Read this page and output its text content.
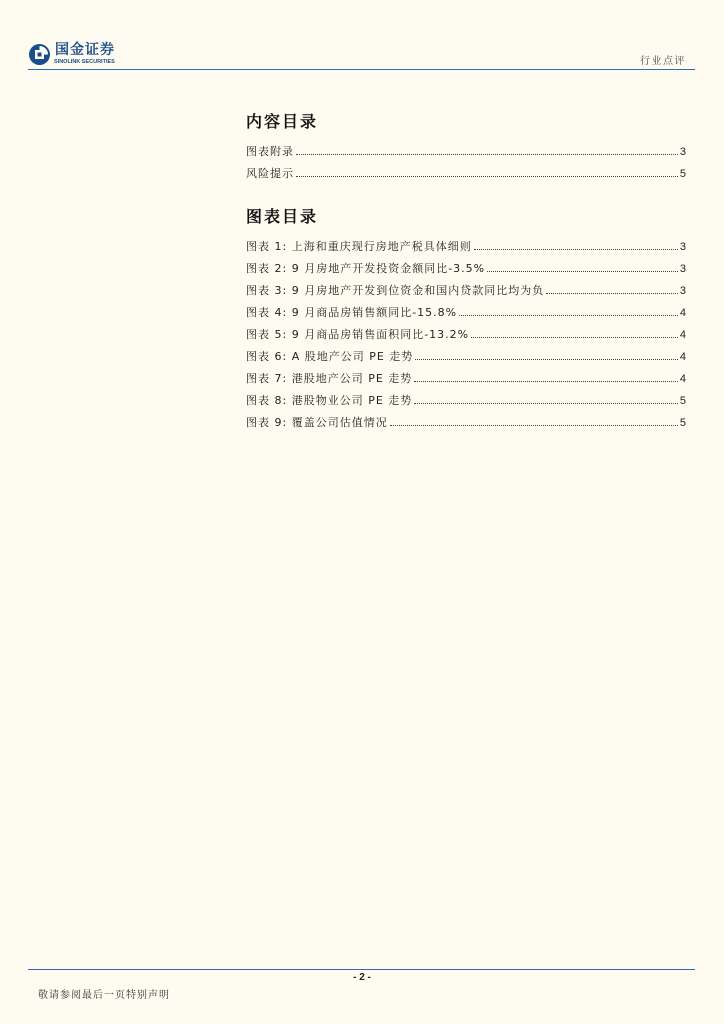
国金证券
SINOLINK SECURITIES	行业点评
内容目录
图表附录	3
风险提示	5
图表目录
图表 1: 上海和重庆现行房地产税具体细则	3
图表 2: 9 月房地产开发投资金额同比-3.5%	3
图表 3: 9 月房地产开发到位资金和国内贷款同比均为负	3
图表 4: 9 月商品房销售额同比-15.8%	4
图表 5: 9 月商品房销售面积同比-13.2%	4
图表 6: A 股地产公司 PE 走势	4
图表 7: 港股地产公司 PE 走势	4
图表 8: 港股物业公司 PE 走势	5
图表 9: 覆盖公司估值情况	5
- 2 -
敬请参阅最后一页特别声明
